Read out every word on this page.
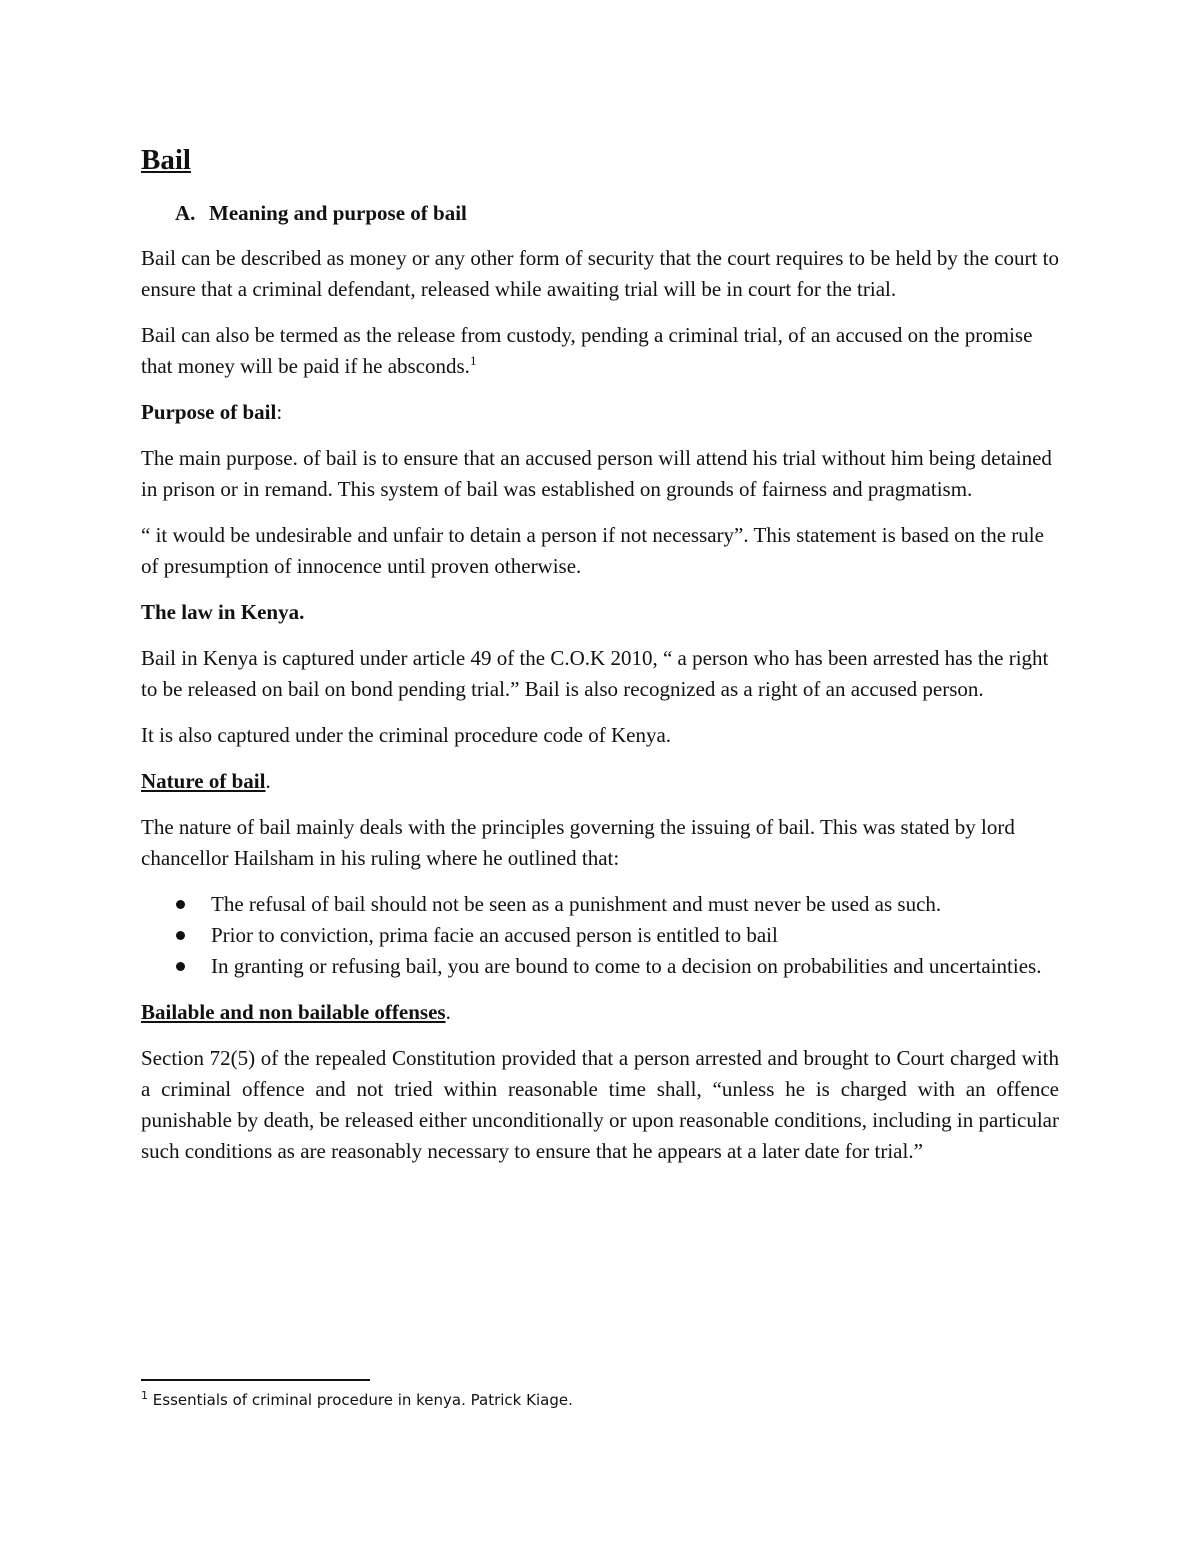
Bail
A. Meaning and purpose of bail

Bail can be described as money or any other form of security that the court requires to be held by the court to ensure that a criminal defendant, released while awaiting trial will be in court for the trial.

Bail can also be termed as the release from custody, pending a criminal trial, of an accused on the promise that money will be paid if he absconds.$^1$

Purpose of bail:

The main purpose. of bail is to ensure that an accused person will attend his trial without him being detained in prison or in remand. This system of bail was established on grounds of fairness and pragmatism.

“ it would be undesirable and unfair to detain a person if not necessary”. This statement is based on the rule of presumption of innocence until proven otherwise.

The law in Kenya.

Bail in Kenya is captured under article 49 of the C.O.K 2010, “ a person who has been arrested has the right to be released on bail on bond pending trial.” Bail is also recognized as a right of an accused person.

It is also captured under the criminal procedure code of Kenya.

Nature of bail.

The nature of bail mainly deals with the principles governing the issuing of bail. This was stated by lord chancellor Hailsham in his ruling where he outlined that:

The refusal of bail should not be seen as a punishment and must never be used as such.
Prior to conviction, prima facie an accused person is entitled to bail
In granting or refusing bail, you are bound to come to a decision on probabilities and uncertainties.

Bailable and non bailable offenses.

Section 72(5) of the repealed Constitution provided that a person arrested and brought to Court charged with a criminal offence and not tried within reasonable time shall, “unless he is charged with an offence punishable by death, be released either unconditionally or upon reasonable conditions, including in particular such conditions as are reasonably necessary to ensure that he appears at a later date for trial.”

$^1$ Essentials of criminal procedure in kenya. Patrick Kiage.
